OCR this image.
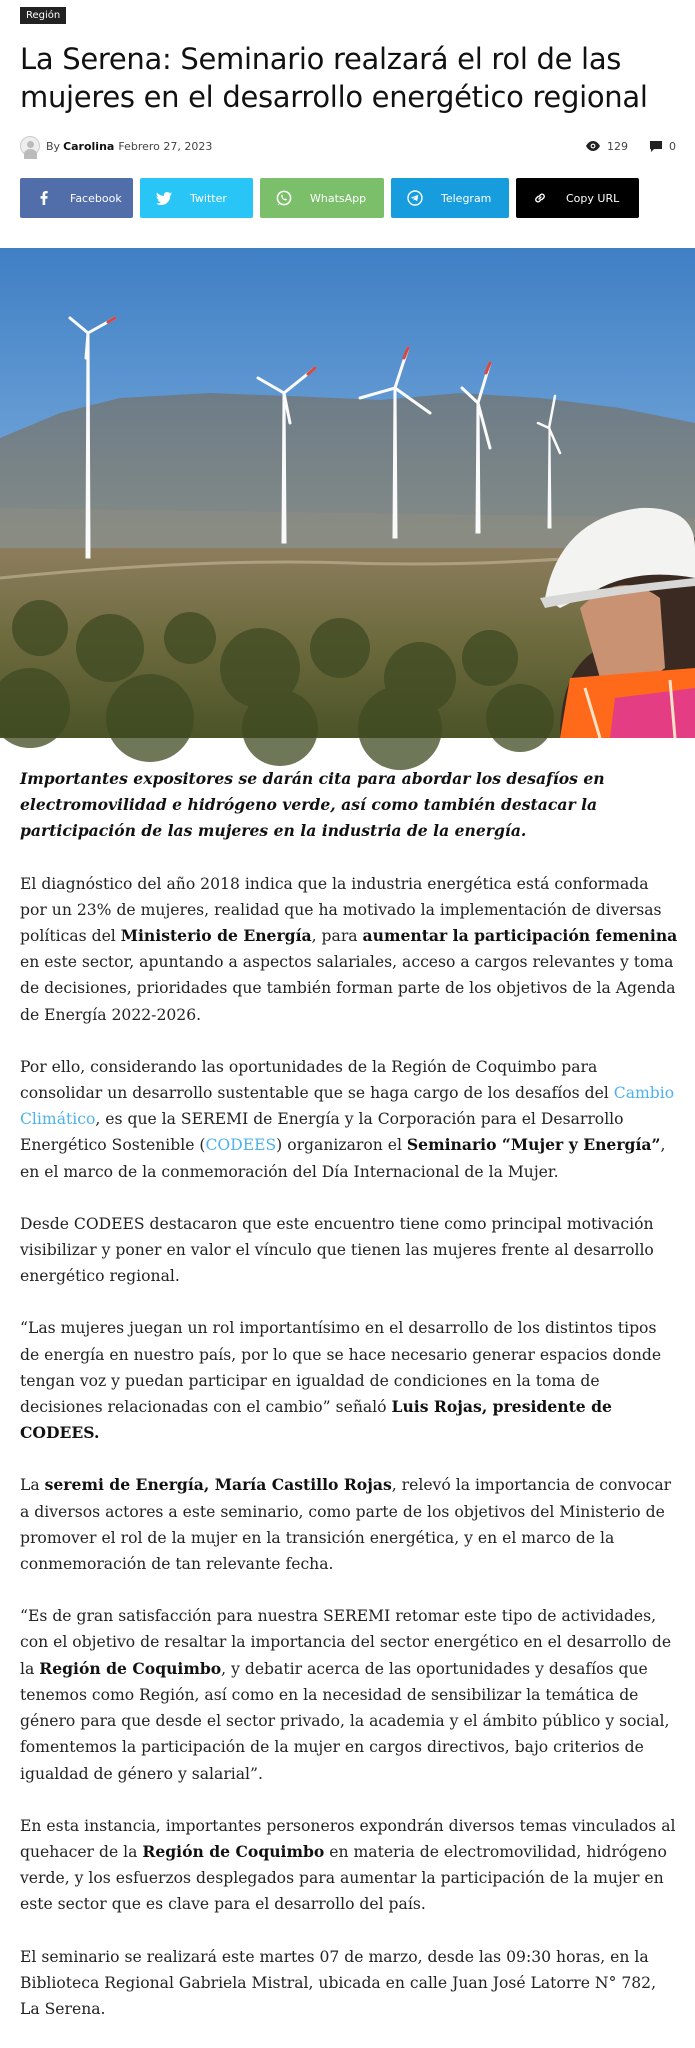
Región
La Serena: Seminario realzará el rol de las mujeres en el desarrollo energético regional
By Carolina Febrero 27, 2023	129	0
Facebook	Twitter	WhatsApp	Telegram	Copy URL

Importantes expositores se darán cita para abordar los desafíos en electromovilidad e hidrógeno verde, así como también destacar la participación de las mujeres en la industria de la energía.

El diagnóstico del año 2018 indica que la industria energética está conformada por un 23% de mujeres, realidad que ha motivado la implementación de diversas políticas del Ministerio de Energía, para aumentar la participación femenina en este sector, apuntando a aspectos salariales, acceso a cargos relevantes y toma de decisiones, prioridades que también forman parte de los objetivos de la Agenda de Energía 2022-2026.

Por ello, considerando las oportunidades de la Región de Coquimbo para consolidar un desarrollo sustentable que se haga cargo de los desafíos del Cambio Climático, es que la SEREMI de Energía y la Corporación para el Desarrollo Energético Sostenible (CODEES) organizaron el Seminario “Mujer y Energía”, en el marco de la conmemoración del Día Internacional de la Mujer.

Desde CODEES destacaron que este encuentro tiene como principal motivación visibilizar y poner en valor el vínculo que tienen las mujeres frente al desarrollo energético regional.

“Las mujeres juegan un rol importantísimo en el desarrollo de los distintos tipos de energía en nuestro país, por lo que se hace necesario generar espacios donde tengan voz y puedan participar en igualdad de condiciones en la toma de decisiones relacionadas con el cambio” señaló Luis Rojas, presidente de CODEES.

La seremi de Energía, María Castillo Rojas, relevó la importancia de convocar a diversos actores a este seminario, como parte de los objetivos del Ministerio de promover el rol de la mujer en la transición energética, y en el marco de la conmemoración de tan relevante fecha.

“Es de gran satisfacción para nuestra SEREMI retomar este tipo de actividades, con el objetivo de resaltar la importancia del sector energético en el desarrollo de la Región de Coquimbo, y debatir acerca de las oportunidades y desafíos que tenemos como Región, así como en la necesidad de sensibilizar la temática de género para que desde el sector privado, la academia y el ámbito público y social, fomentemos la participación de la mujer en cargos directivos, bajo criterios de igualdad de género y salarial”.

En esta instancia, importantes personeros expondrán diversos temas vinculados al quehacer de la Región de Coquimbo en materia de electromovilidad, hidrógeno verde, y los esfuerzos desplegados para aumentar la participación de la mujer en este sector que es clave para el desarrollo del país.

El seminario se realizará este martes 07 de marzo, desde las 09:30 horas, en la Biblioteca Regional Gabriela Mistral, ubicada en calle Juan José Latorre N° 782, La Serena.
